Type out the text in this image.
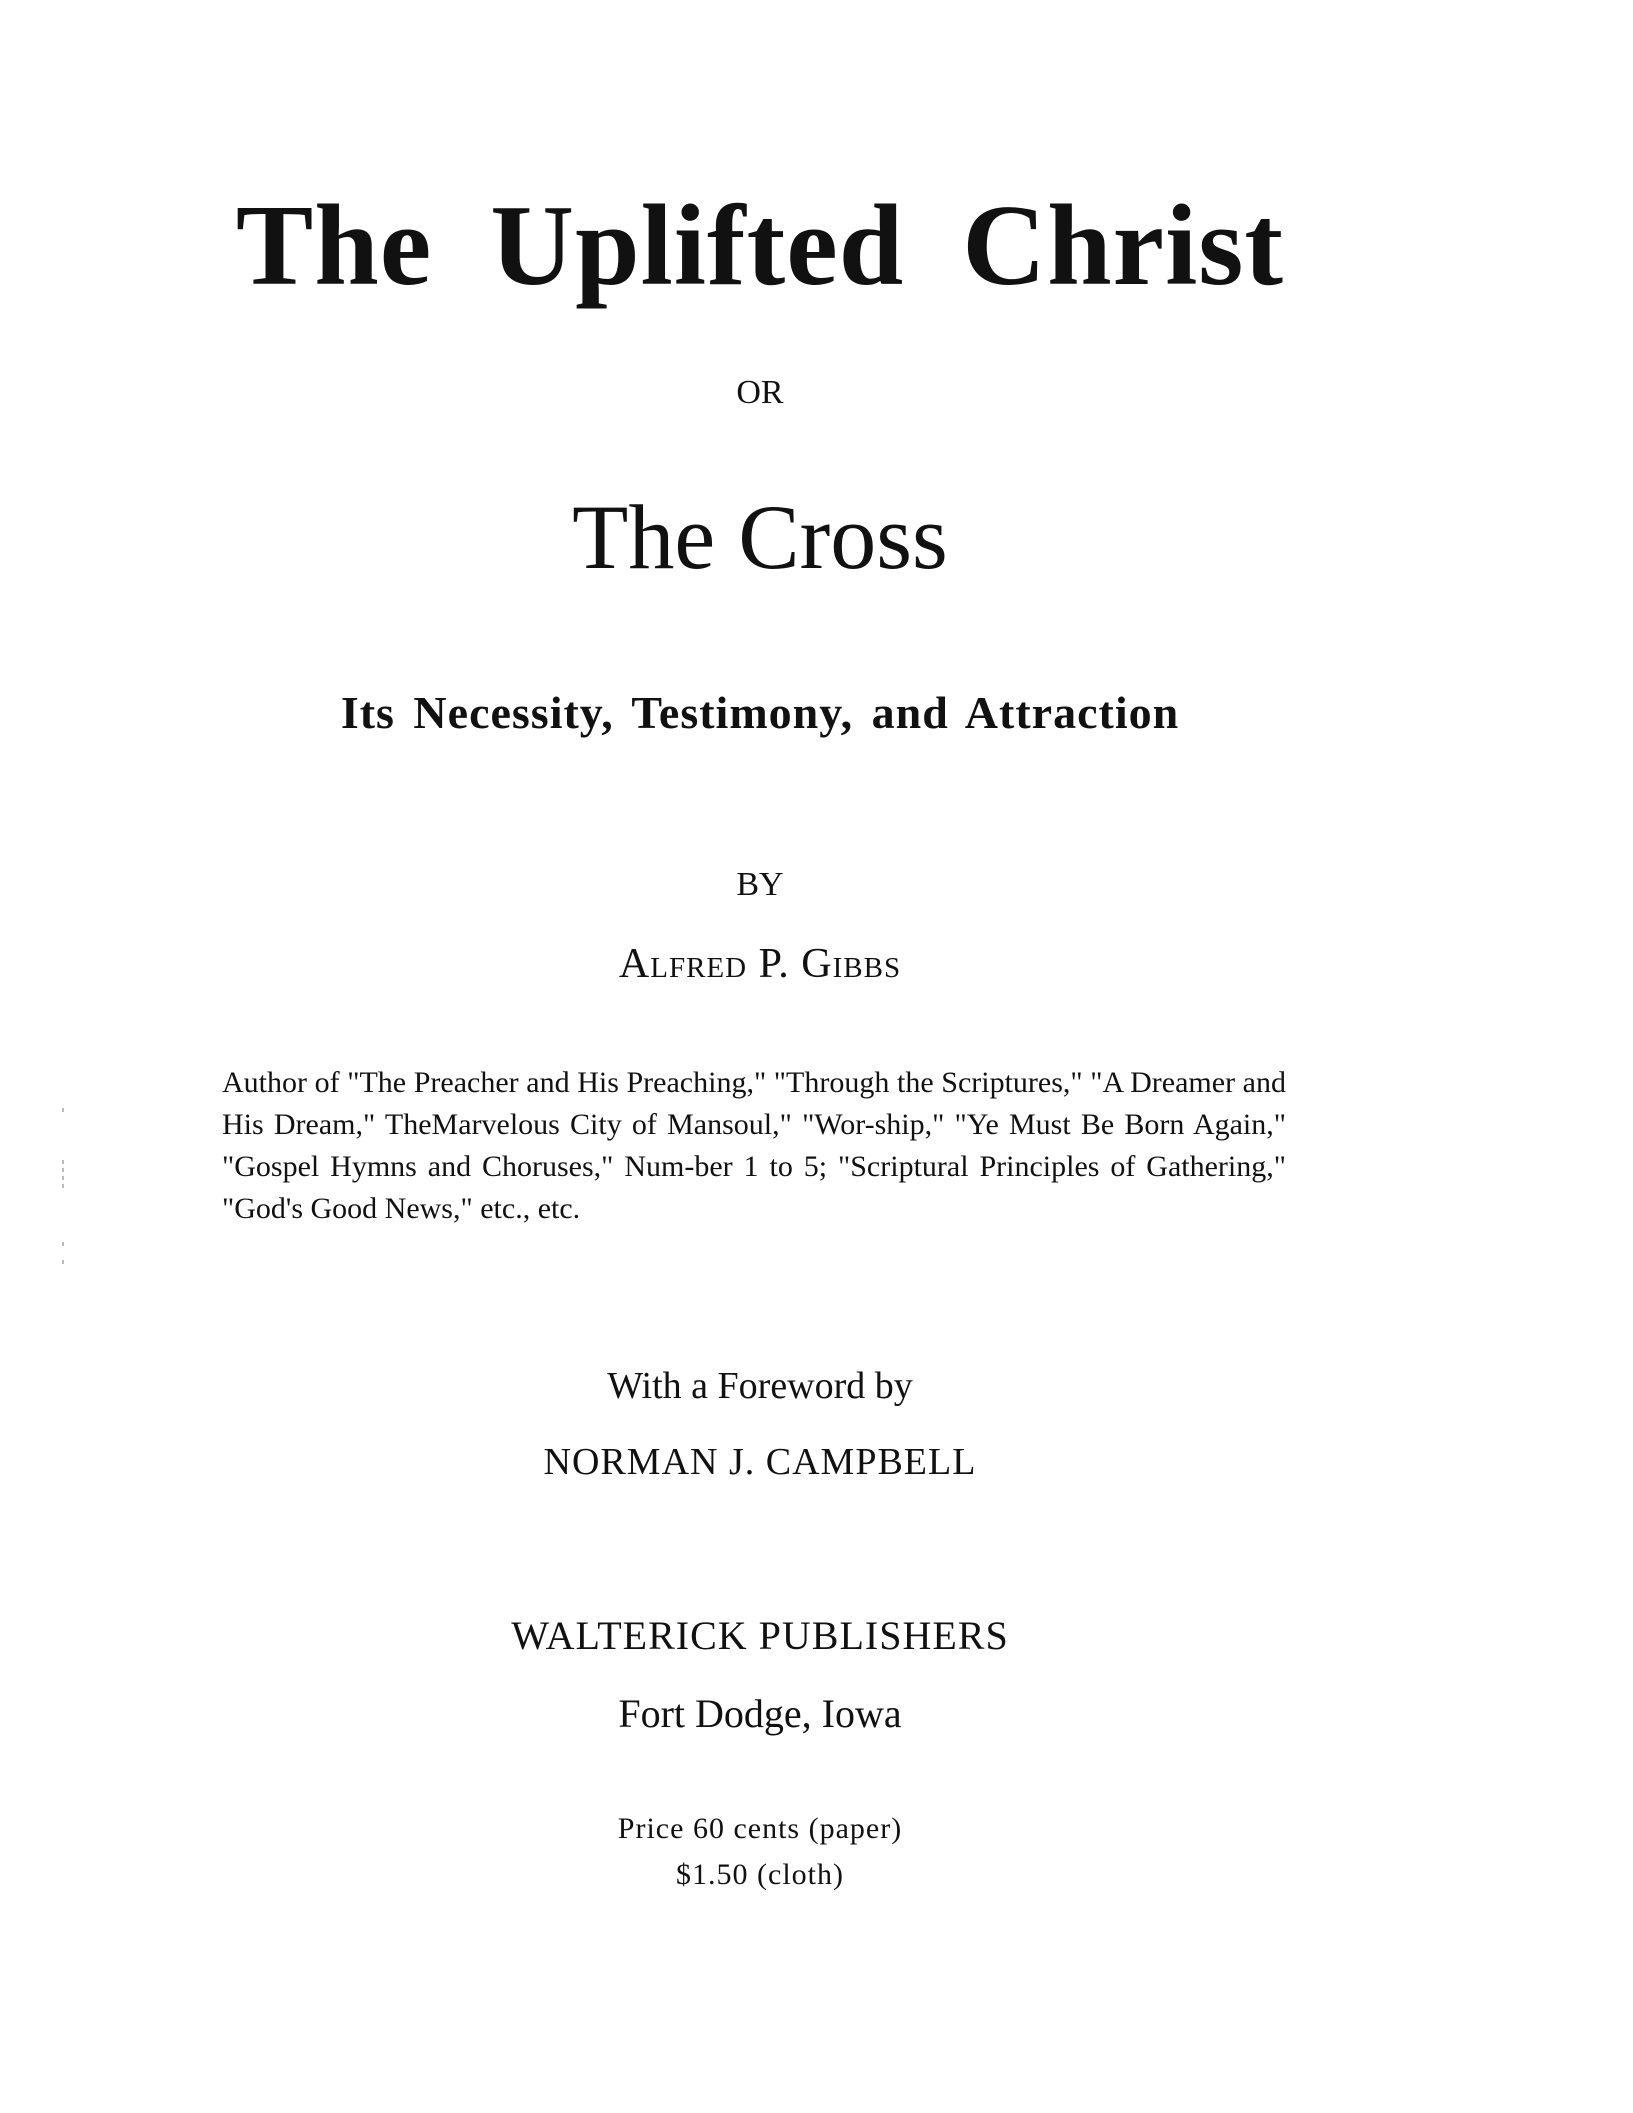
The Uplifted Christ
OR
The Cross
Its Necessity, Testimony, and Attraction
BY
Alfred P. Gibbs
Author of "The Preacher and His Preaching," "Through the Scriptures," "A Dreamer and His Dream," TheMarvelous City of Mansoul," "Wor-ship," "Ye Must Be Born Again," "Gospel Hymns and Choruses," Num-ber 1 to 5; "Scriptural Principles of Gathering," "God's Good News," etc., etc.
With a Foreword by
NORMAN J. CAMPBELL
WALTERICK PUBLISHERS
Fort Dodge, Iowa
Price 60 cents (paper)
$1.50 (cloth)
